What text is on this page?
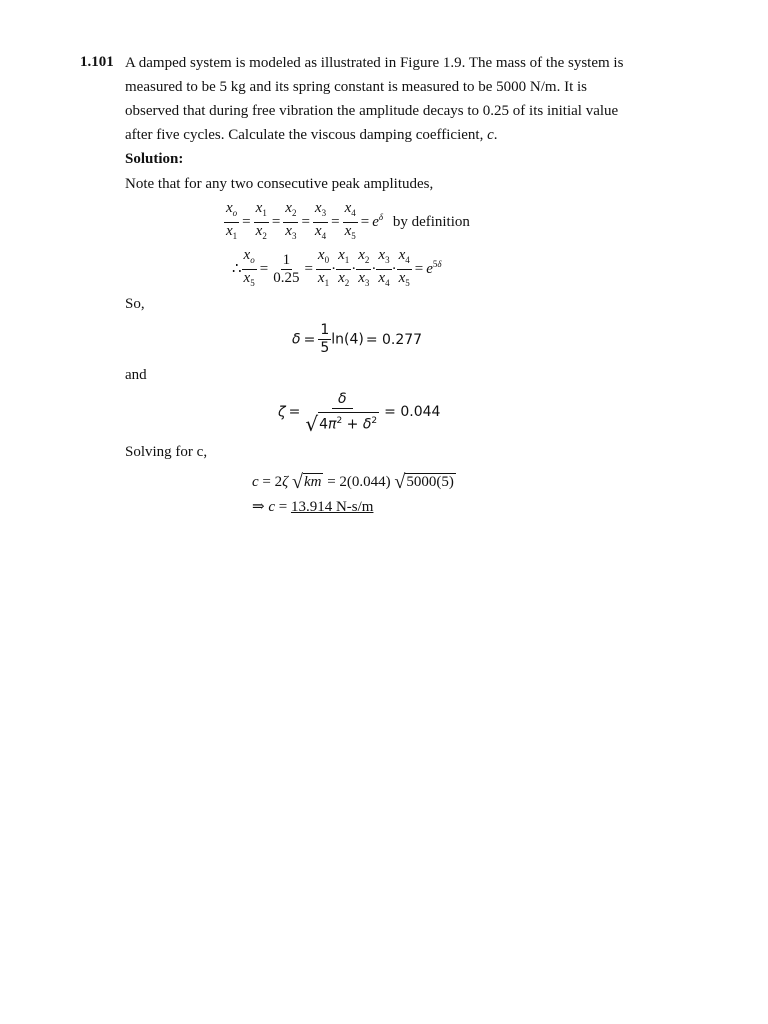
1.101 A damped system is modeled as illustrated in Figure 1.9. The mass of the system is measured to be 5 kg and its spring constant is measured to be 5000 N/m. It is observed that during free vibration the amplitude decays to 0.25 of its initial value after five cycles. Calculate the viscous damping coefficient, c.
Solution:
Note that for any two consecutive peak amplitudes,
$\frac{x_o}{x_1} = \frac{x_1}{x_2} = \frac{x_2}{x_3} = \frac{x_3}{x_4} = \frac{x_4}{x_5} = e^\delta$ by definition
∴ $\frac{x_o}{x_5} = \frac{1}{0.25} = \frac{x_0}{x_1} \cdot \frac{x_1}{x_2} \cdot \frac{x_2}{x_3} \cdot \frac{x_3}{x_4} \cdot \frac{x_4}{x_5} = e^{5\delta}$
So,
$\delta = \frac{1}{5} \ln(4) = 0.277$
and
$\zeta = \frac{\delta}{√4\pi^2 + \delta^2} = 0.044$
Solving for c,
c = 2ζ √km = 2(0.044) √5000(5)
⇒ c = 13.914 N-s/m
